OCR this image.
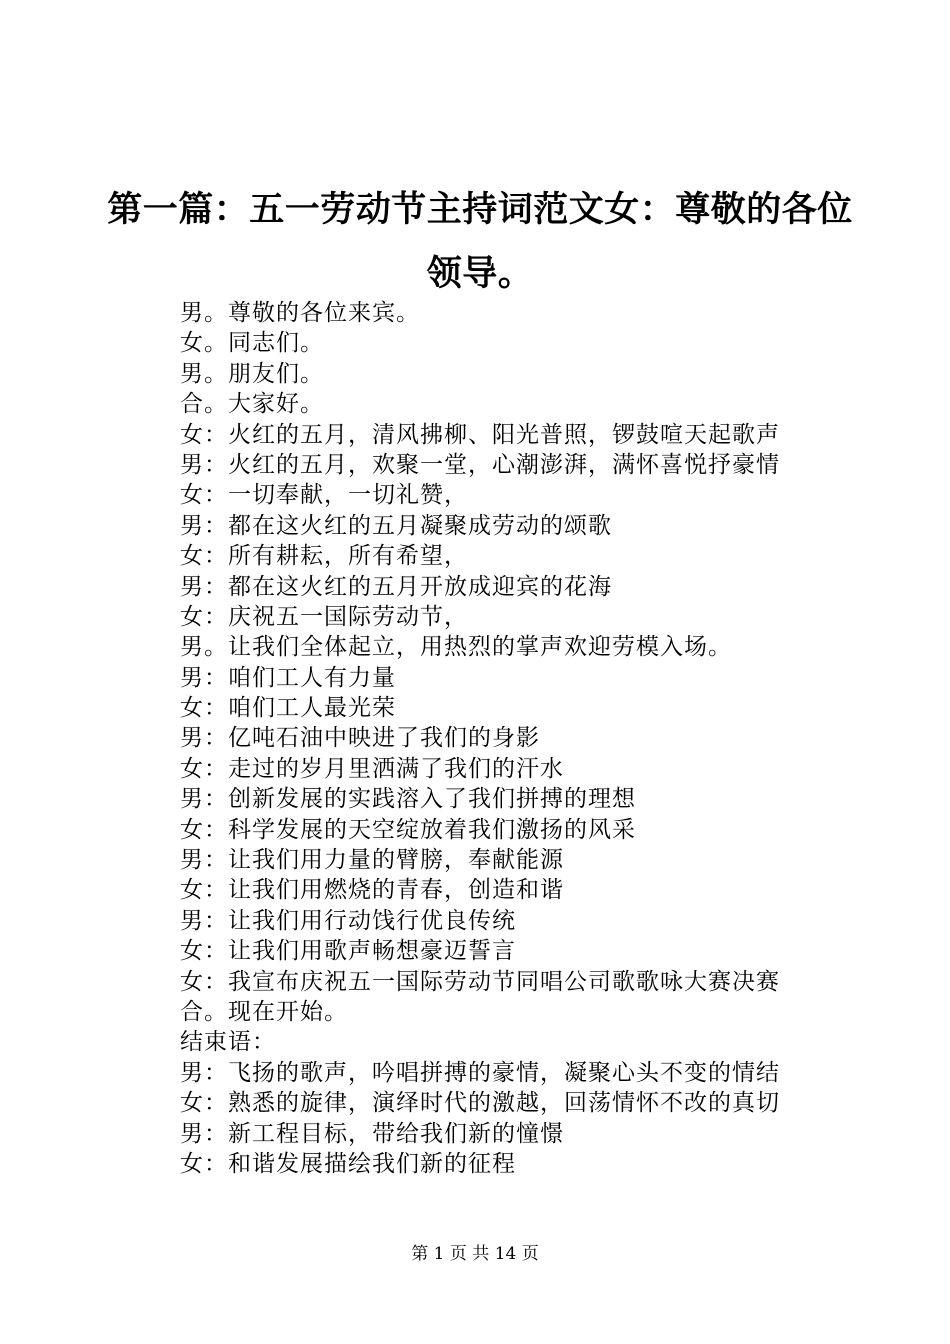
第一篇：五一劳动节主持词范文女：尊敬的各位领导。
男。尊敬的各位来宾。
女。同志们。
男。朋友们。
合。大家好。
女：火红的五月，清风拂柳、阳光普照，锣鼓喧天起歌声
男：火红的五月，欢聚一堂，心潮澎湃，满怀喜悦抒豪情
女：一切奉献，一切礼赞，
男：都在这火红的五月凝聚成劳动的颂歌
女：所有耕耘，所有希望，
男：都在这火红的五月开放成迎宾的花海
女：庆祝五一国际劳动节，
男。让我们全体起立，用热烈的掌声欢迎劳模入场。
男：咱们工人有力量
女：咱们工人最光荣
男：亿吨石油中映进了我们的身影
女：走过的岁月里洒满了我们的汗水
男：创新发展的实践溶入了我们拼搏的理想
女：科学发展的天空绽放着我们激扬的风采
男：让我们用力量的臂膀，奉献能源
女：让我们用燃烧的青春，创造和谐
男：让我们用行动饯行优良传统
女：让我们用歌声畅想豪迈誓言
女：我宣布庆祝五一国际劳动节同唱公司歌歌咏大赛决赛
合。现在开始。
结束语：
男：飞扬的歌声，吟唱拼搏的豪情，凝聚心头不变的情结
女：熟悉的旋律，演绎时代的激越，回荡情怀不改的真切
男：新工程目标，带给我们新的憧憬
女：和谐发展描绘我们新的征程
第 1 页 共 14 页
